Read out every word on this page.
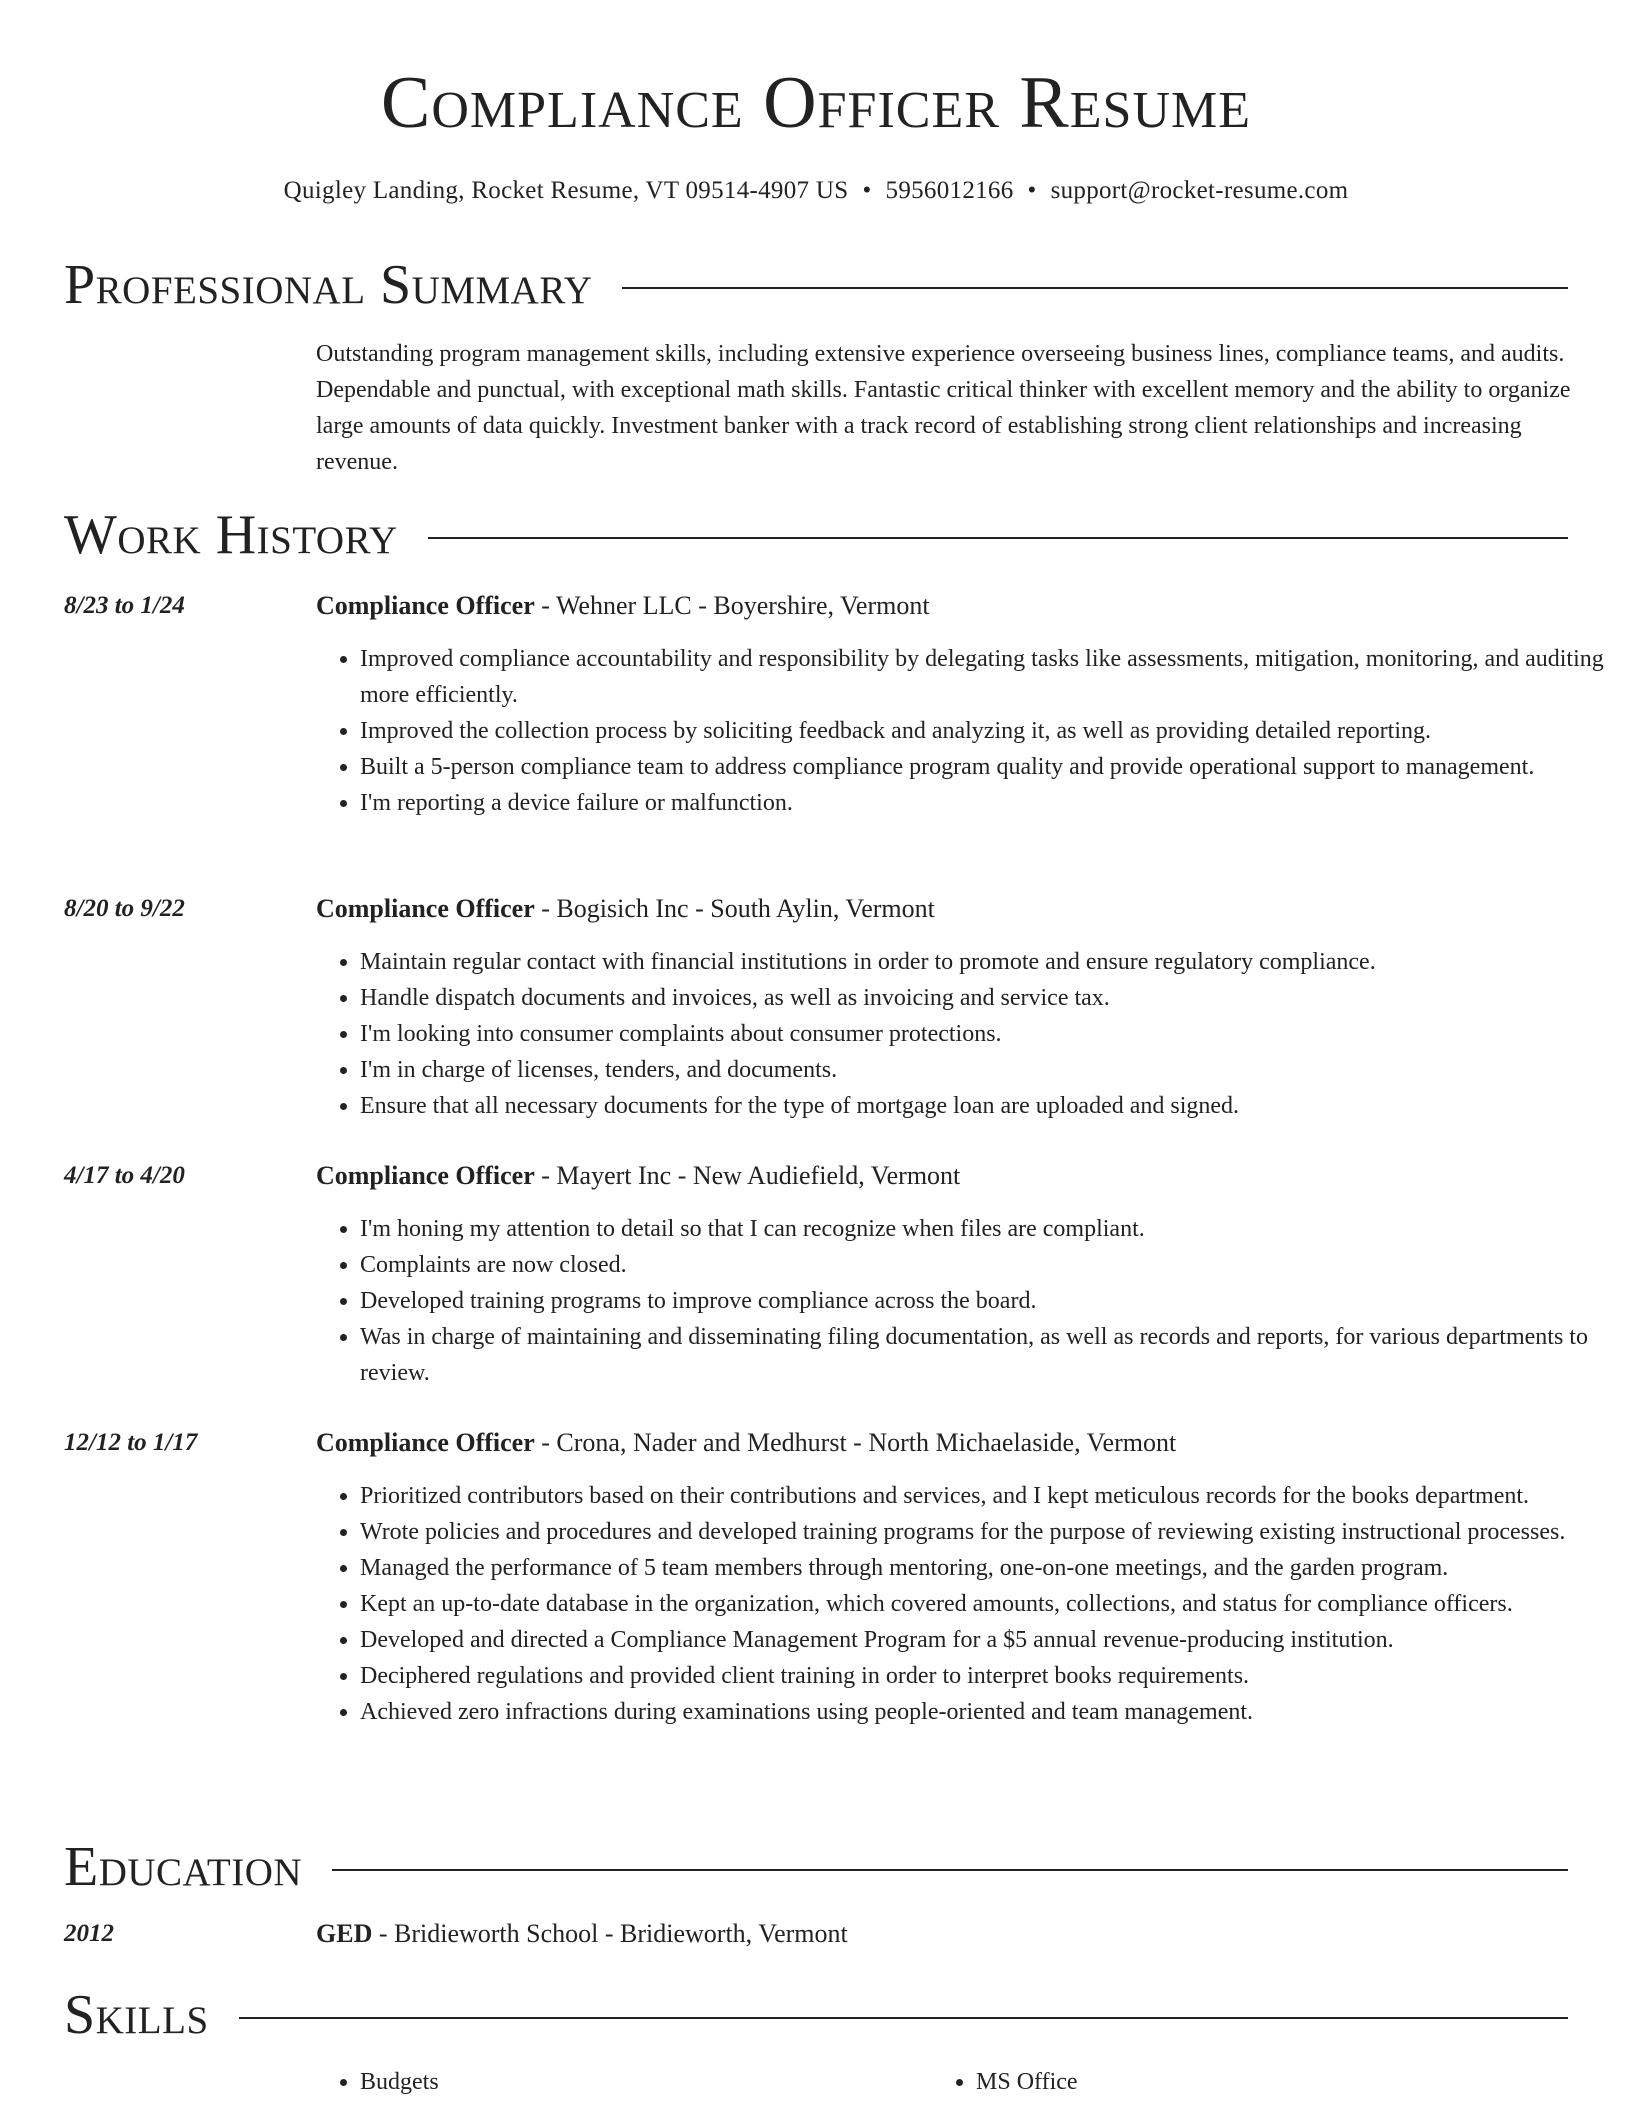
Compliance Officer Resume
Quigley Landing, Rocket Resume, VT 09514-4907 US • 5956012166 • support@rocket-resume.com
Professional Summary
Outstanding program management skills, including extensive experience overseeing business lines, compliance teams, and audits. Dependable and punctual, with exceptional math skills. Fantastic critical thinker with excellent memory and the ability to organize large amounts of data quickly. Investment banker with a track record of establishing strong client relationships and increasing revenue.
Work History
8/23 to 1/24	Compliance Officer - Wehner LLC - Boyershire, Vermont
• Improved compliance accountability and responsibility by delegating tasks like assessments, mitigation, monitoring, and auditing more efficiently.
• Improved the collection process by soliciting feedback and analyzing it, as well as providing detailed reporting.
• Built a 5-person compliance team to address compliance program quality and provide operational support to management.
• I'm reporting a device failure or malfunction.
8/20 to 9/22	Compliance Officer - Bogisich Inc - South Aylin, Vermont
• Maintain regular contact with financial institutions in order to promote and ensure regulatory compliance.
• Handle dispatch documents and invoices, as well as invoicing and service tax.
• I'm looking into consumer complaints about consumer protections.
• I'm in charge of licenses, tenders, and documents.
• Ensure that all necessary documents for the type of mortgage loan are uploaded and signed.
4/17 to 4/20	Compliance Officer - Mayert Inc - New Audiefield, Vermont
• I'm honing my attention to detail so that I can recognize when files are compliant.
• Complaints are now closed.
• Developed training programs to improve compliance across the board.
• Was in charge of maintaining and disseminating filing documentation, as well as records and reports, for various departments to review.
12/12 to 1/17	Compliance Officer - Crona, Nader and Medhurst - North Michaelaside, Vermont
• Prioritized contributors based on their contributions and services, and I kept meticulous records for the books department.
• Wrote policies and procedures and developed training programs for the purpose of reviewing existing instructional processes.
• Managed the performance of 5 team members through mentoring, one-on-one meetings, and the garden program.
• Kept an up-to-date database in the organization, which covered amounts, collections, and status for compliance officers.
• Developed and directed a Compliance Management Program for a $5 annual revenue-producing institution.
• Deciphered regulations and provided client training in order to interpret books requirements.
• Achieved zero infractions during examinations using people-oriented and team management.
Education
2012	GED - Bridieworth School - Bridieworth, Vermont
Skills
• Budgets
•	MS Office
